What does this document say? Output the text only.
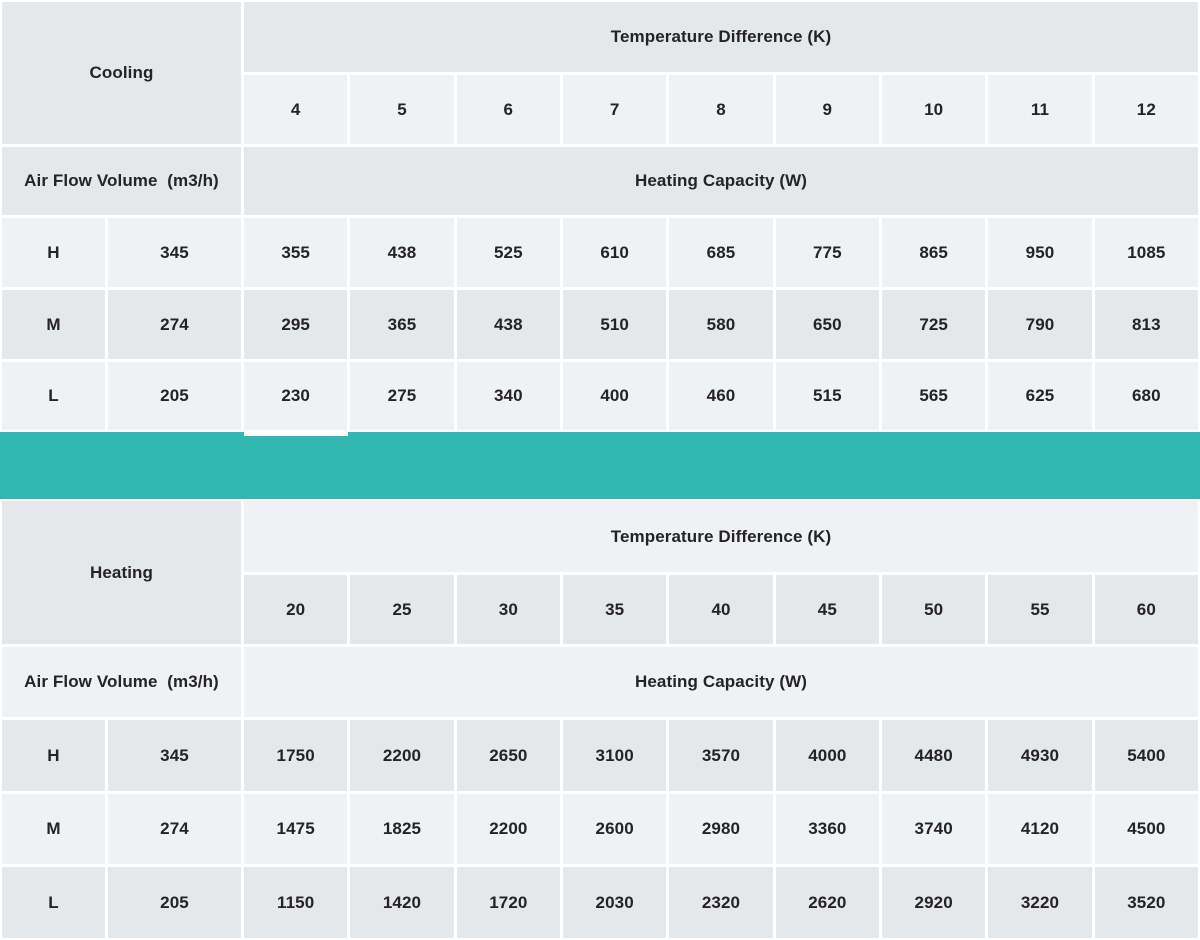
Cooling
Temperature Difference (K)
4	5	6	7	8	9	10	11	12
Air Flow Volume  (m3/h)	Heating Capacity (W)
H	345	355	438	525	610	685	775	865	950	1085
M	274	295	365	438	510	580	650	725	790	813
L	205	230	275	340	400	460	515	565	625	680
Heating
Temperature Difference (K)
20	25	30	35	40	45	50	55	60
Air Flow Volume  (m3/h)	Heating Capacity (W)
H	345	1750	2200	2650	3100	3570	4000	4480	4930	5400
M	274	1475	1825	2200	2600	2980	3360	3740	4120	4500
L	205	1150	1420	1720	2030	2320	2620	2920	3220	3520
